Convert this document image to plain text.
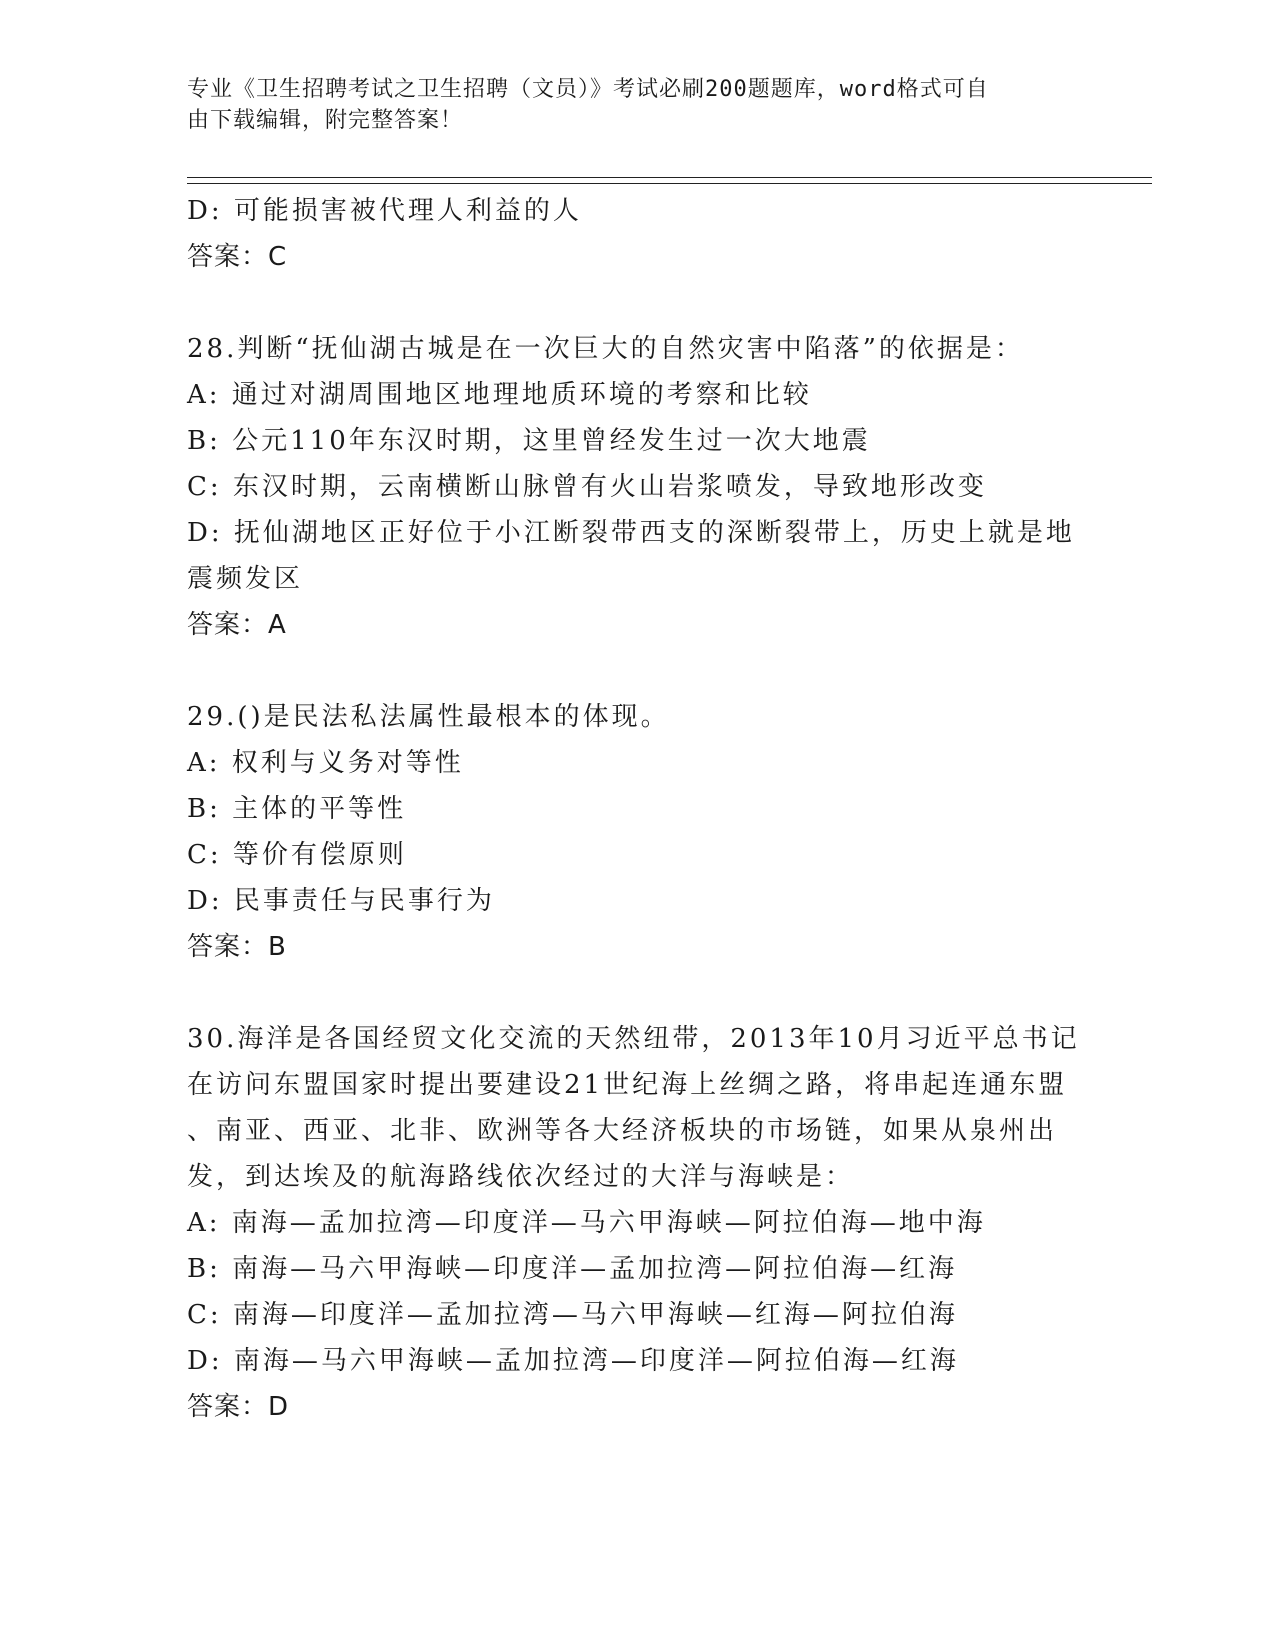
专业《卫生招聘考试之卫生招聘（文员）》考试必刷200题题库，word格式可自
由下载编辑，附完整答案！
D: 可能损害被代理人利益的人
答案：C
28.判断“抚仙湖古城是在一次巨大的自然灾害中陷落”的依据是：
A: 通过对湖周围地区地理地质环境的考察和比较
B: 公元110年东汉时期，这里曾经发生过一次大地震
C: 东汉时期，云南横断山脉曾有火山岩浆喷发，导致地形改变
D: 抚仙湖地区正好位于小江断裂带西支的深断裂带上，历史上就是地
震频发区
答案：A
29.()是民法私法属性最根本的体现。
A: 权利与义务对等性
B: 主体的平等性
C: 等价有偿原则
D: 民事责任与民事行为
答案：B
30.海洋是各国经贸文化交流的天然纽带，2013年10月习近平总书记
在访问东盟国家时提出要建设21世纪海上丝绸之路，将串起连通东盟
、南亚、西亚、北非、欧洲等各大经济板块的市场链，如果从泉州出
发，到达埃及的航海路线依次经过的大洋与海峡是：
A: 南海—孟加拉湾—印度洋—马六甲海峡—阿拉伯海—地中海
B: 南海—马六甲海峡—印度洋—孟加拉湾—阿拉伯海—红海
C: 南海—印度洋—孟加拉湾—马六甲海峡—红海—阿拉伯海
D: 南海—马六甲海峡—孟加拉湾—印度洋—阿拉伯海—红海
答案：D
